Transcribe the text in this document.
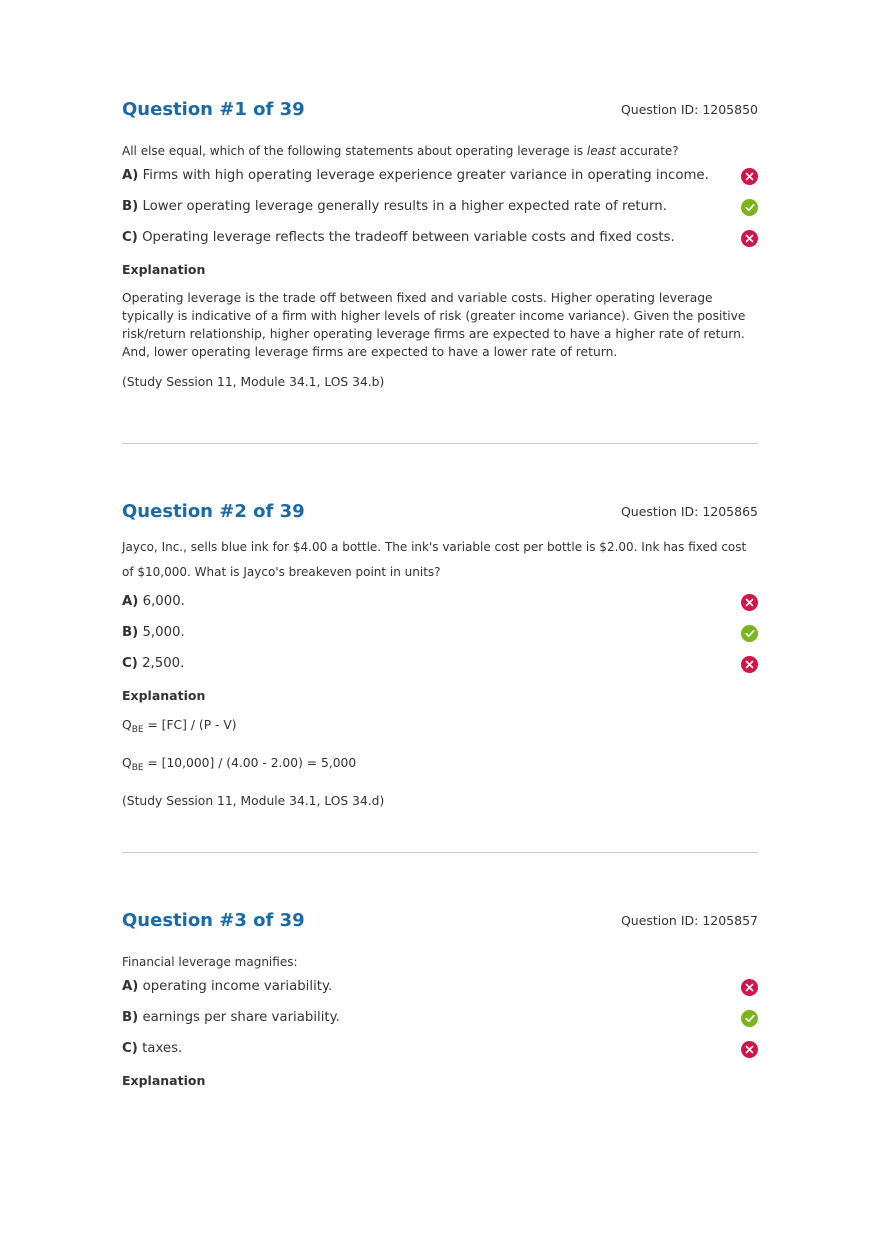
Question #1 of 39	Question ID: 1205850

All else equal, which of the following statements about operating leverage is least accurate?

A) Firms with high operating leverage experience greater variance in operating income.
B) Lower operating leverage generally results in a higher expected rate of return.
C) Operating leverage reflects the tradeoff between variable costs and fixed costs.

Explanation

Operating leverage is the trade off between fixed and variable costs. Higher operating leverage typically is indicative of a firm with higher levels of risk (greater income variance). Given the positive risk/return relationship, higher operating leverage firms are expected to have a higher rate of return. And, lower operating leverage firms are expected to have a lower rate of return.

(Study Session 11, Module 34.1, LOS 34.b)

Question #2 of 39	Question ID: 1205865

Jayco, Inc., sells blue ink for $4.00 a bottle. The ink's variable cost per bottle is $2.00. Ink has fixed cost of $10,000. What is Jayco's breakeven point in units?

A) 6,000.
B) 5,000.
C) 2,500.

Explanation

$Q_{BE} = [FC] / (P - V)$

$Q_{BE} = [10,000] / (4.00 - 2.00) = 5,000$

(Study Session 11, Module 34.1, LOS 34.d)

Question #3 of 39	Question ID: 1205857

Financial leverage magnifies:

A) operating income variability.
B) earnings per share variability.
C) taxes.

Explanation
